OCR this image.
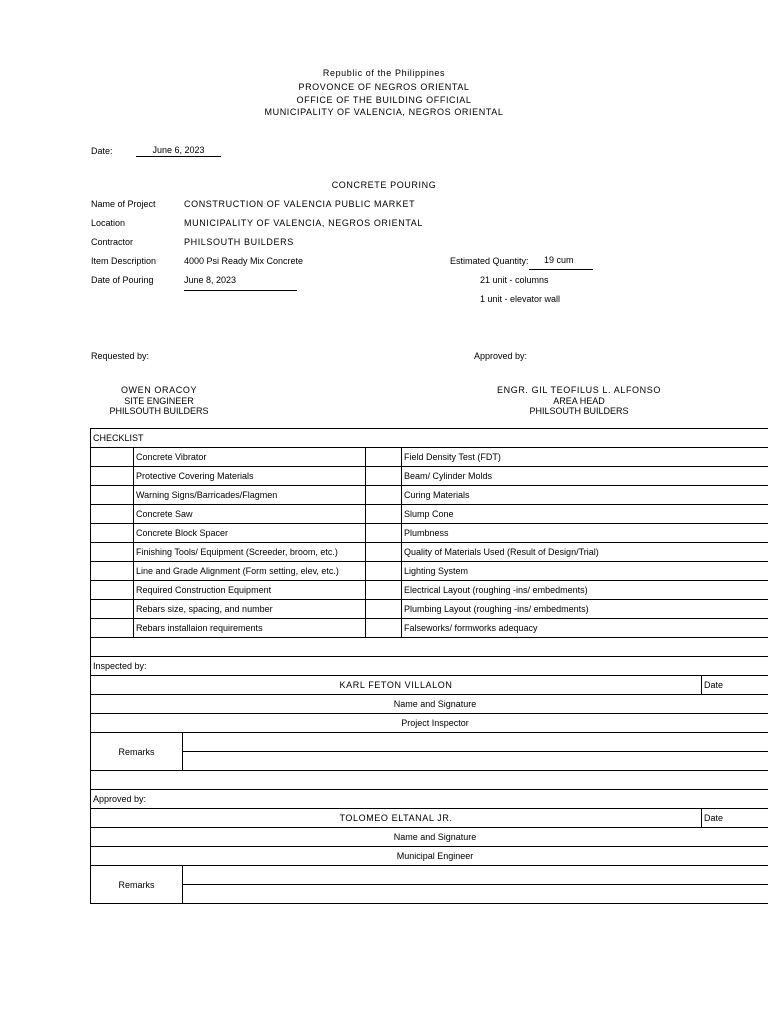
Republic of the Philippines
PROVONCE OF NEGROS ORIENTAL
OFFICE OF THE BUILDING OFFICIAL
MUNICIPALITY OF VALENCIA, NEGROS ORIENTAL
Date:	June 6, 2023
CONCRETE POURING
Name of Project	CONSTRUCTION OF VALENCIA PUBLIC MARKET
Location	MUNICIPALITY OF VALENCIA, NEGROS ORIENTAL
Contractor	PHILSOUTH BUILDERS
Item Description	4000 Psi Ready Mix Concrete	Estimated Quantity:	19 cum
Date of Pouring	June 8, 2023	21 unit - columns
1 unit - elevator wall
Requested by:	Approved by:
OWEN ORACOY
SITE ENGINEER
PHILSOUTH BUILDERS
ENGR. GIL TEOFILUS L. ALFONSO
AREA HEAD
PHILSOUTH BUILDERS
CHECKLIST					
	Concrete Vibrator			Field Density Test (FDT)	
	Protective Covering Materials			Beam/ Cylinder Molds	
	Warning Signs/Barricades/Flagmen			Curing Materials	
	Concrete Saw			Slump Cone	
	Concrete Block Spacer			Plumbness	
	Finishing Tools/ Equipment (Screeder, broom, etc.)			Quality of Materials Used (Result of Design/Trial)	
	Line and Grade Alignment (Form setting, elev, etc.)			Lighting System	
	Required Construction Equipment			Electrical Layout (roughing -ins/ embedments)	
	Rebars size, spacing, and number			Plumbing Layout (roughing -ins/ embedments)	
	Rebars installaion requirements			Falseworks/ formworks adequacy	

Inspected by:					
KARL FETON VILLALON					Date
Name and Signature					
Project Inspector					
Remarks					

Approved by:					
TOLOMEO ELTANAL JR.					Date
Name and Signature					
Municipal Engineer					
Remarks					
